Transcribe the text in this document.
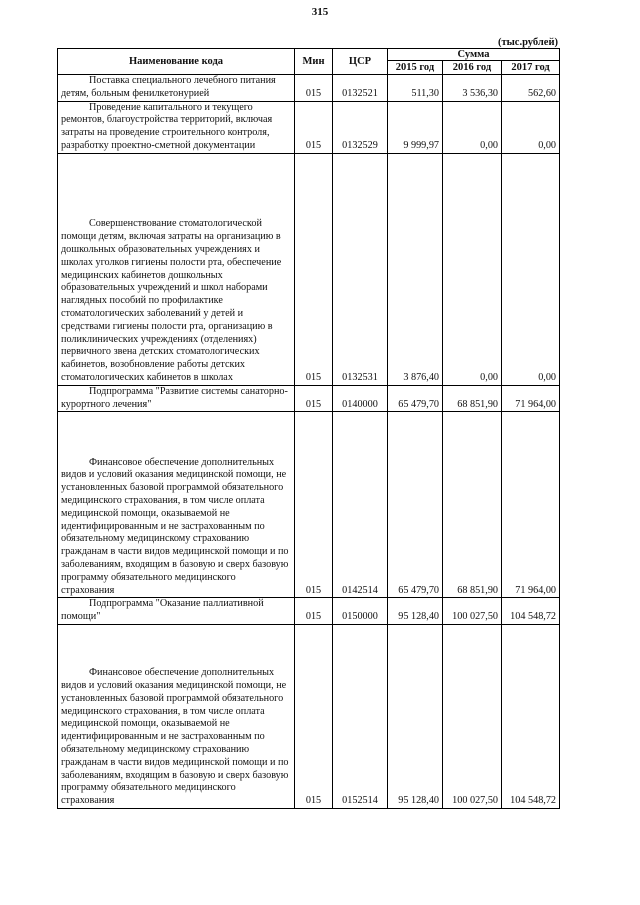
315
(тыс.рублей)
Наименование кода	Мин	ЦСР	Сумма		
			2015 год	2016 год	2017 год
Поставка специального лечебного питания детям, больным фенилкетонурией	015	0132521	511,30	3 536,30	562,60
Проведение капитального и текущего ремонтов, благоустройства территорий, включая затраты на проведение строительного контроля, разработку проектно-сметной документации	015	0132529	9 999,97	0,00	0,00
Совершенствование стоматологической помощи детям, включая затраты на организацию в дошкольных образовательных учреждениях и школах уголков гигиены полости рта, обеспечение медицинских кабинетов дошкольных образовательных учреждений и школ наборами наглядных пособий по профилактике стоматологических заболеваний у детей и средствами гигиены полости рта, организацию в поликлинических учреждениях (отделениях) первичного звена детских стоматологических кабинетов, возобновление работы детских стоматологических кабинетов в школах	015	0132531	3 876,40	0,00	0,00
Подпрограмма "Развитие системы санаторно-курортного лечения"	015	0140000	65 479,70	68 851,90	71 964,00
Финансовое обеспечение дополнительных видов и условий оказания медицинской помощи, не установленных базовой программой обязательного медицинского страхования, в том числе оплата медицинской помощи, оказываемой не идентифицированным и не застрахованным по обязательному медицинскому страхованию гражданам в части видов медицинской помощи и по заболеваниям, входящим в базовую и сверх базовую программу обязательного медицинского страхования	015	0142514	65 479,70	68 851,90	71 964,00
Подпрограмма "Оказание паллиативной помощи"	015	0150000	95 128,40	100 027,50	104 548,72
Финансовое обеспечение дополнительных видов и условий оказания медицинской помощи, не установленных базовой программой обязательного медицинского страхования, в том числе оплата медицинской помощи, оказываемой не идентифицированным и не застрахованным по обязательному медицинскому страхованию гражданам в части видов медицинской помощи и по заболеваниям, входящим в базовую и сверх базовую программу обязательного медицинского страхования	015	0152514	95 128,40	100 027,50	104 548,72
